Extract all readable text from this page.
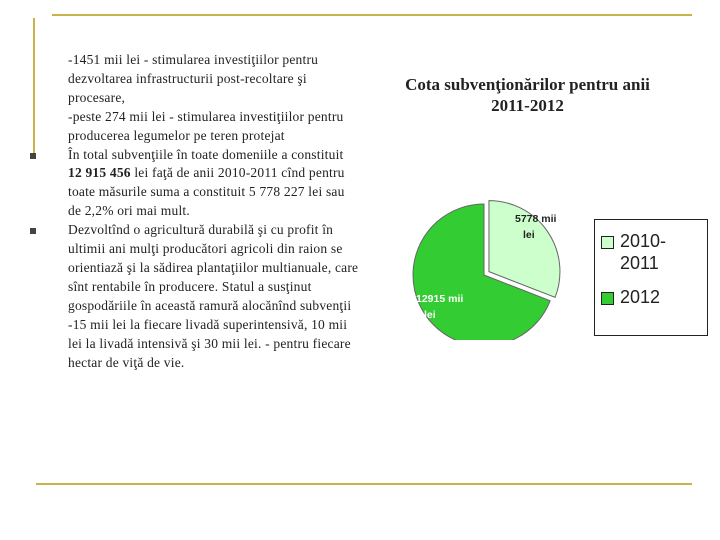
-1451 mii lei - stimularea investiţiilor pentru dezvoltarea infrastructurii post-recoltare şi procesare,

-peste 274 mii lei - stimularea investiţiilor pentru producerea legumelor pe teren protejat

În total subvenţiile în toate domeniile a constituit 12 915 456 lei faţă de anii 2010-2011 cînd pentru toate măsurile suma a constituit 5 778 227 lei sau de 2,2% ori mai mult.

Dezvoltînd o agricultură durabilă şi cu profit în ultimii ani mulţi producători agricoli din raion se orientiază şi la sădirea plantaţiilor multianuale, care sînt rentabile în producere. Statul a susţinut gospodăriile în această ramură alocănînd subvenţii -15 mii lei la fiecare livadă superintensivă, 10 mii lei la livadă intensivă şi 30 mii lei. - pentru fiecare hectar de viţă de vie.

Cota subvenţionărilor pentru anii 2011-2012
5778 mii lei
12915 mii lei
2010-2011
2012
